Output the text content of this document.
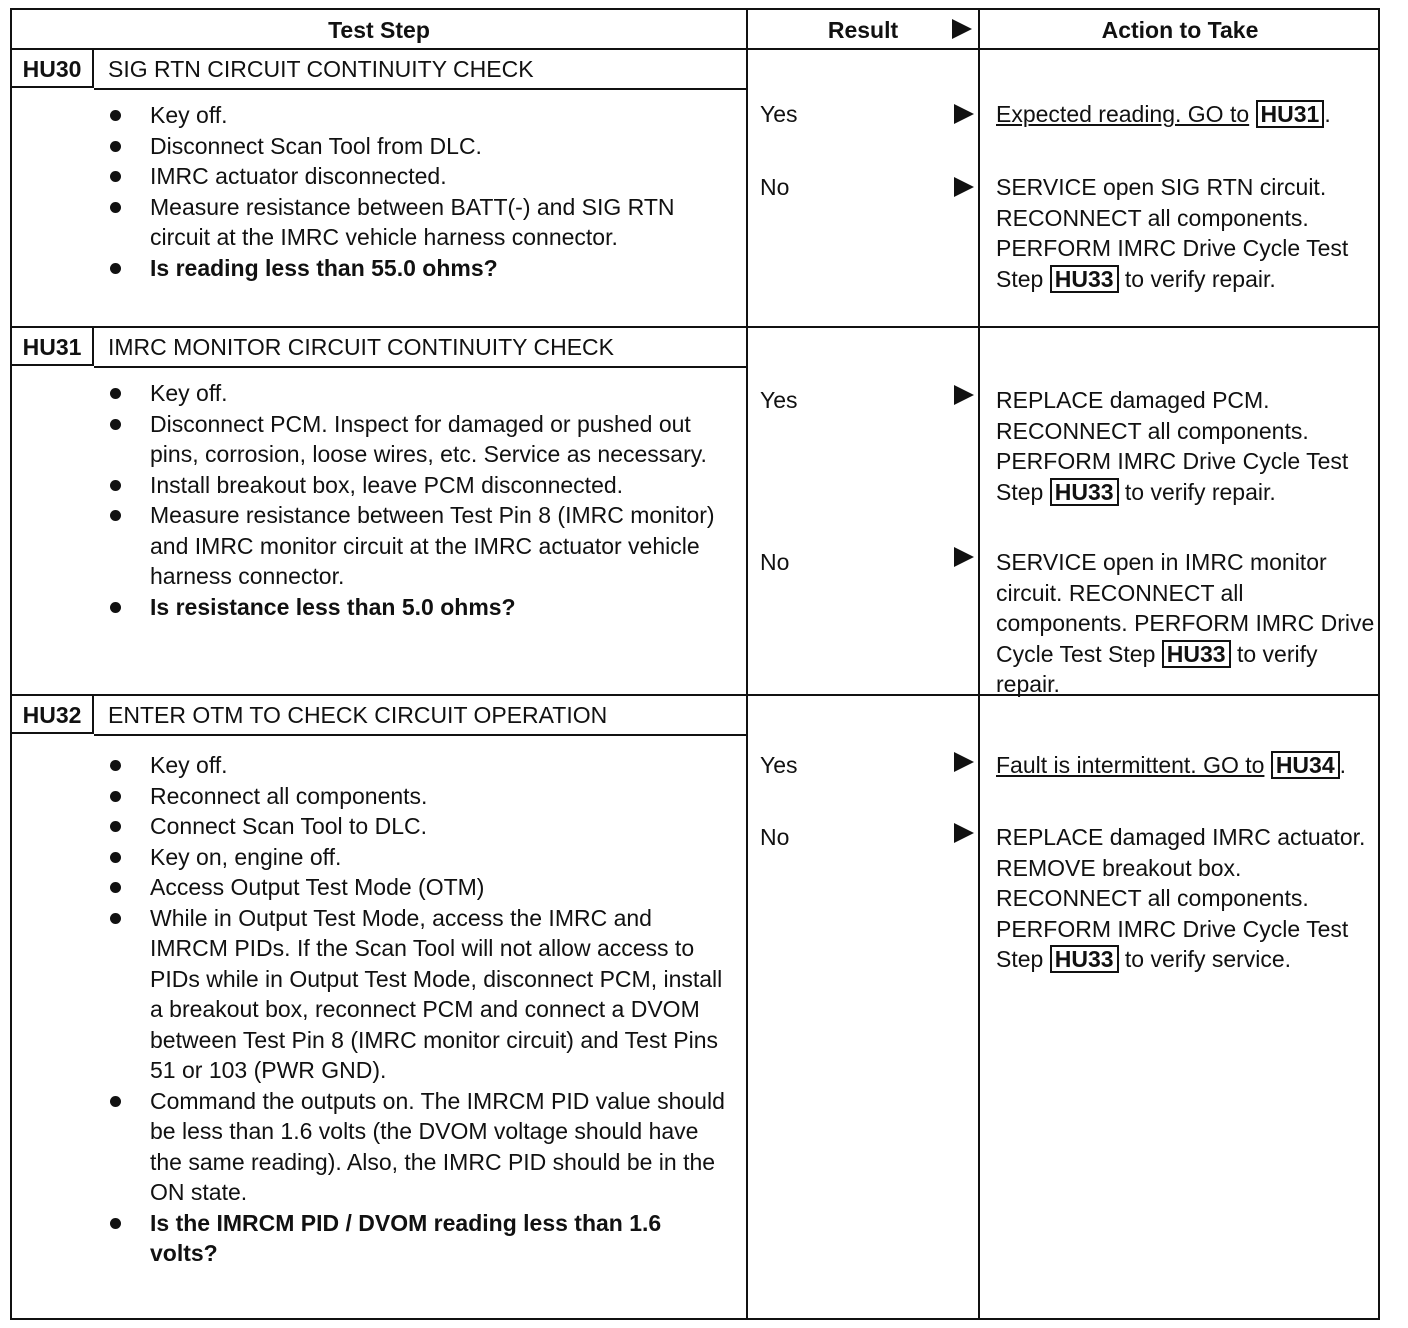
Test Step	Result	Action to Take
HU30	SIG RTN CIRCUIT CONTINUITY CHECK
Key off.
Disconnect Scan Tool from DLC.
IMRC actuator disconnected.
Measure resistance between BATT(-) and SIG RTN circuit at the IMRC vehicle harness connector.
Is reading less than 55.0 ohms?
Yes	Expected reading. GO to HU31 .
No	SERVICE open SIG RTN circuit. RECONNECT all components. PERFORM IMRC Drive Cycle Test Step HU33 to verify repair.
HU31	IMRC MONITOR CIRCUIT CONTINUITY CHECK
Key off.
Disconnect PCM. Inspect for damaged or pushed out pins, corrosion, loose wires, etc. Service as necessary.
Install breakout box, leave PCM disconnected.
Measure resistance between Test Pin 8 (IMRC monitor) and IMRC monitor circuit at the IMRC actuator vehicle harness connector.
Is resistance less than 5.0 ohms?
Yes	REPLACE damaged PCM. RECONNECT all components. PERFORM IMRC Drive Cycle Test Step HU33 to verify repair.
No	SERVICE open in IMRC monitor circuit. RECONNECT all components. PERFORM IMRC Drive Cycle Test Step HU33 to verify repair.
HU32	ENTER OTM TO CHECK CIRCUIT OPERATION
Key off.
Reconnect all components.
Connect Scan Tool to DLC.
Key on, engine off.
Access Output Test Mode (OTM)
While in Output Test Mode, access the IMRC and IMRCM PIDs. If the Scan Tool will not allow access to PIDs while in Output Test Mode, disconnect PCM, install a breakout box, reconnect PCM and connect a DVOM between Test Pin 8 (IMRC monitor circuit) and Test Pins 51 or 103 (PWR GND).
Command the outputs on. The IMRCM PID value should be less than 1.6 volts (the DVOM voltage should have the same reading). Also, the IMRC PID should be in the ON state.
Is the IMRCM PID / DVOM reading less than 1.6 volts?
Yes	Fault is intermittent. GO to HU34 .
No	REPLACE damaged IMRC actuator. REMOVE breakout box. RECONNECT all components. PERFORM IMRC Drive Cycle Test Step HU33 to verify service.
